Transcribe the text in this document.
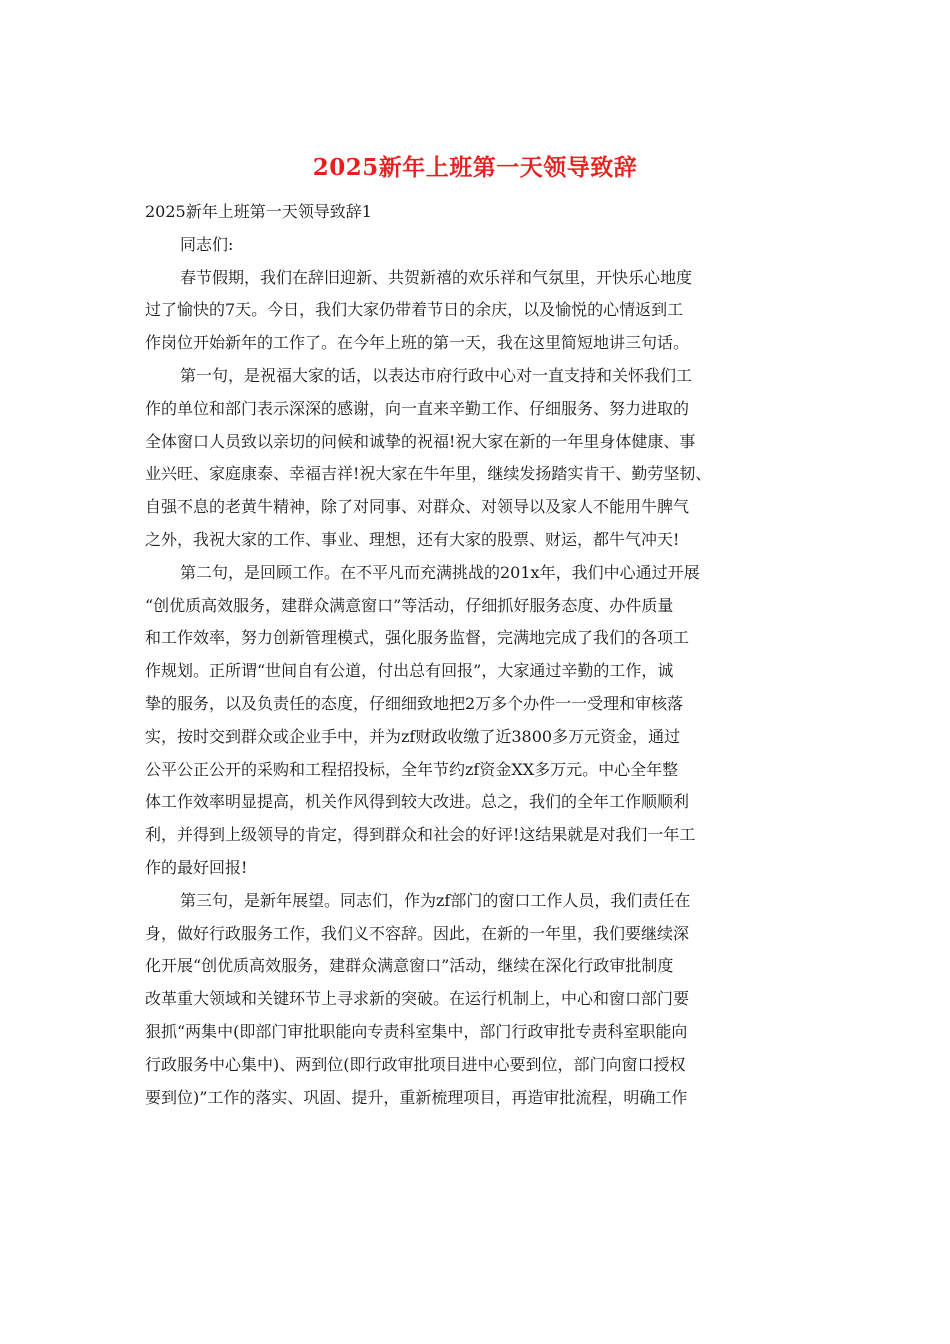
2025新年上班第一天领导致辞
2025新年上班第一天领导致辞1
同志们:
春节假期，我们在辞旧迎新、共贺新禧的欢乐祥和气氛里，开快乐心地度
过了愉快的7天。今日，我们大家仍带着节日的余庆，以及愉悦的心情返到工
作岗位开始新年的工作了。在今年上班的第一天，我在这里简短地讲三句话。
第一句，是祝福大家的话，以表达市府行政中心对一直支持和关怀我们工
作的单位和部门表示深深的感谢，向一直来辛勤工作、仔细服务、努力进取的
全体窗口人员致以亲切的问候和诚挚的祝福!祝大家在新的一年里身体健康、事
业兴旺、家庭康泰、幸福吉祥!祝大家在牛年里，继续发扬踏实肯干、勤劳坚韧、
自强不息的老黄牛精神，除了对同事、对群众、对领导以及家人不能用牛脾气
之外，我祝大家的工作、事业、理想，还有大家的股票、财运，都牛气冲天!
第二句，是回顾工作。在不平凡而充满挑战的201x年，我们中心通过开展
“创优质高效服务，建群众满意窗口”等活动，仔细抓好服务态度、办件质量
和工作效率，努力创新管理模式，强化服务监督，完满地完成了我们的各项工
作规划。正所谓“世间自有公道，付出总有回报”，大家通过辛勤的工作，诚
挚的服务，以及负责任的态度，仔细细致地把2万多个办件一一受理和审核落
实，按时交到群众或企业手中，并为zf财政收缴了近3800多万元资金，通过
公平公正公开的采购和工程招投标，全年节约zf资金XX多万元。中心全年整
体工作效率明显提高，机关作风得到较大改进。总之，我们的全年工作顺顺利
利，并得到上级领导的肯定，得到群众和社会的好评!这结果就是对我们一年工
作的最好回报!
第三句，是新年展望。同志们，作为zf部门的窗口工作人员，我们责任在
身，做好行政服务工作，我们义不容辞。因此，在新的一年里，我们要继续深
化开展“创优质高效服务，建群众满意窗口”活动，继续在深化行政审批制度
改革重大领域和关键环节上寻求新的突破。在运行机制上，中心和窗口部门要
狠抓“两集中(即部门审批职能向专责科室集中，部门行政审批专责科室职能向
行政服务中心集中)、两到位(即行政审批项目进中心要到位，部门向窗口授权
要到位)”工作的落实、巩固、提升，重新梳理项目，再造审批流程，明确工作
